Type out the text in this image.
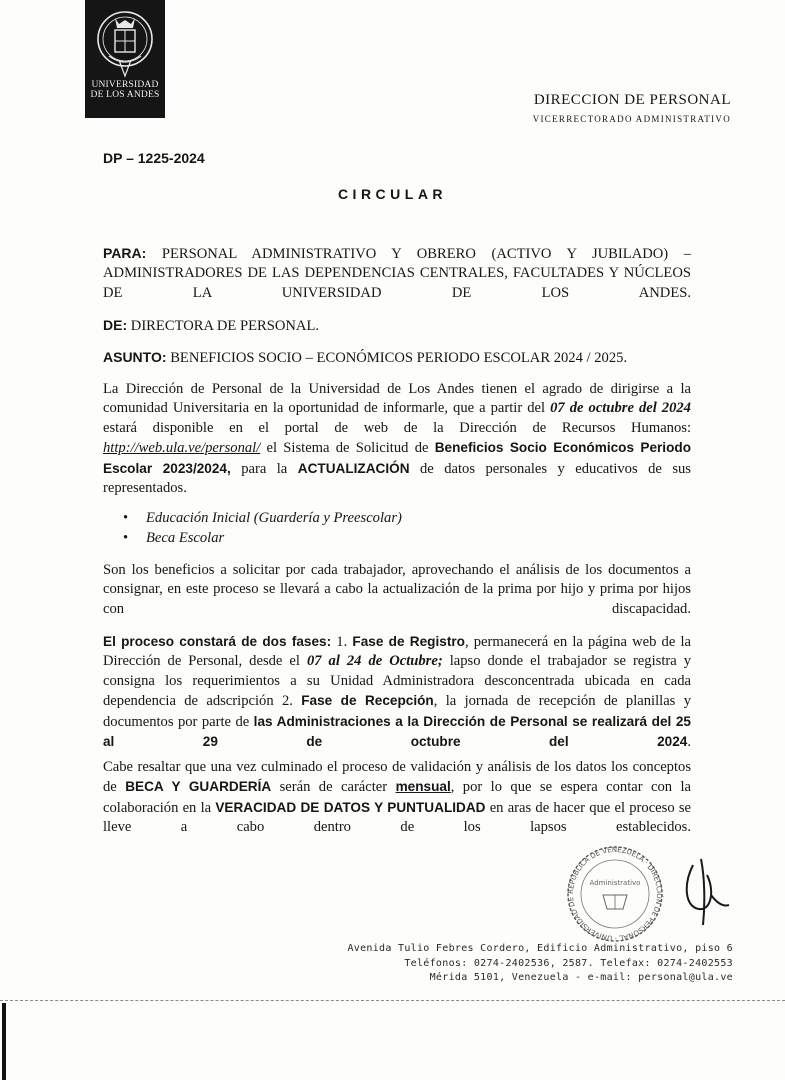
UNIVERSIDAD
DE LOS ANDES	DIRECCION DE PERSONAL
VICERRECTORADO ADMINISTRATIVO
DP – 1225-2024
CIRCULAR
PARA: PERSONAL ADMINISTRATIVO Y OBRERO (ACTIVO Y JUBILADO) – ADMINISTRADORES DE LAS DEPENDENCIAS CENTRALES, FACULTADES Y NÚCLEOS DE LA UNIVERSIDAD DE LOS ANDES.
DE: DIRECTORA DE PERSONAL.
ASUNTO: BENEFICIOS SOCIO – ECONÓMICOS PERIODO ESCOLAR 2024 / 2025.
La Dirección de Personal de la Universidad de Los Andes tienen el agrado de dirigirse a la comunidad Universitaria en la oportunidad de informarle, que a partir del 07 de octubre del 2024 estará disponible en el portal de web de la Dirección de Recursos Humanos: http://web.ula.ve/personal/ el Sistema de Solicitud de Beneficios Socio Económicos Periodo Escolar 2023/2024, para la ACTUALIZACIÓN de datos personales y educativos de sus representados.
• Educación Inicial (Guardería y Preescolar)
• Beca Escolar
Son los beneficios a solicitar por cada trabajador, aprovechando el análisis de los documentos a consignar, en este proceso se llevará a cabo la actualización de la prima por hijo y prima por hijos con discapacidad.
El proceso constará de dos fases: 1. Fase de Registro, permanecerá en la página web de la Dirección de Personal, desde el 07 al 24 de Octubre; lapso donde el trabajador se registra y consigna los requerimientos a su Unidad Administradora desconcentrada ubicada en cada dependencia de adscripción 2. Fase de Recepción, la jornada de recepción de planillas y documentos por parte de las Administraciones a la Dirección de Personal se realizará del 25 al 29 de octubre del 2024.
Cabe resaltar que una vez culminado el proceso de validación y análisis de los datos los conceptos de BECA Y GUARDERÍA serán de carácter mensual, por lo que se espera contar con la colaboración en la VERACIDAD DE DATOS Y PUNTUALIDAD en aras de hacer que el proceso se lleve a cabo dentro de los lapsos establecidos.
REPÚBLICA DE VENEZUELA · DIRECCIÓN DE PERSONAL · UNIVERSIDAD DE
Administrativo
Avenida Tulio Febres Cordero, Edificio Administrativo, piso 6
Teléfonos: 0274-2402536, 2587. Telefax: 0274-2402553
Mérida 5101, Venezuela - e-mail: personal@ula.ve
